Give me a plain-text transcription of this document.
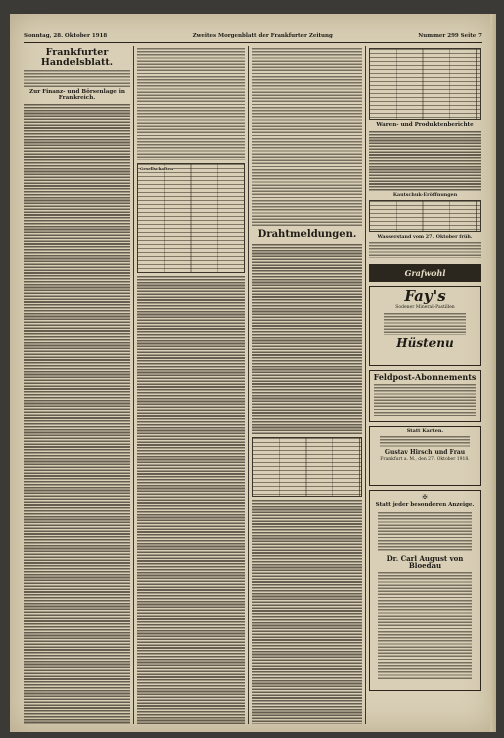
Sonntag, 28. Oktober 1918	Zweites Morgenblatt der Frankfurter Zeitung	Nummer 299 Seite 7
Frankfurter Handelsblatt.
Zur Finanz- und Börsenlage in Frankreich.
Gesellschaften
Drahtmeldungen.
Waren- und Produktenberichte
Kautschuk-Eröffnungen
Wasserstand vom 27. Oktober früh.
Grafwohl
Fay's
Sodener Mineral-Pastillen
Hüstenu
Feldpost-Abonnements
Statt Karten.
Gustav Hirsch und Frau
Frankfurt a. M., den 27. Oktober 1918.
✠
Statt jeder besonderen Anzeige.
Dr. Carl August von Bloedau
